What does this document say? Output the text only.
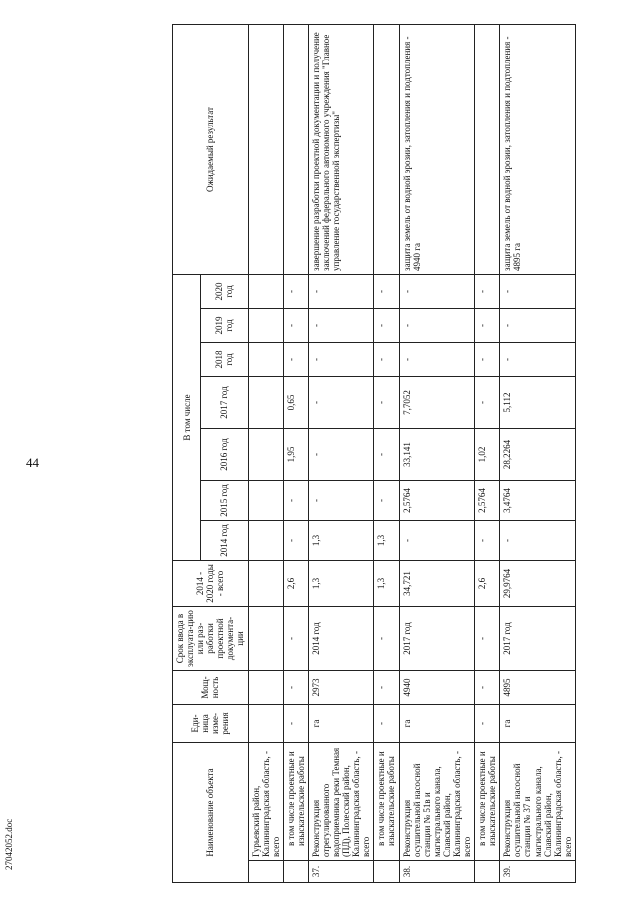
44
Наименование объекта		Еди-ница изме-рения	Мощ-ность	Срок ввода в эксплуата-цию или раз-работки проектной документа-ции	2014 - 2020 годы - всего	В том числе							Ожидаемый результат
						2014 год	2015 год	2016 год	2017 год	2018 год	2019 год	2020 год	
	Гурьевский район, Калининградская область, - всего												
	в том числе проектные и изыскательские работы	-	-	-	2,6	-	-	1,95	0,65	-	-	-	
37.	Реконструкция отрегулированного водоприемника реки Темная (ПД), Полесский район, Калининградская область, - всего	га	2973	2014 год	1,3	1,3	-	-	-	-	-	-	завершение разработки проектной документации и получение заключений федерального автономного учреждения "Главное управление государственной экспертизы"
	в том числе проектные и изыскательские работы	-	-	-	1,3	1,3	-	-	-	-	-	-	
38.	Реконструкция осушительной насосной станции № 51в и магистрального канала, Славский район, Калининградская область, - всего	га	4940	2017 год	34,721	-	2,5764	33,141	7,7052	-	-	-	защита земель от водной эрозии, затопления и подтопления - 4940 га
	в том числе проектные и изыскательские работы	-	-	-	2,6	-	2,5764	1,02	-	-	-	-	
39.	Реконструкция осушительной насосной станции № 37 и магистрального канала, Славский район, Калининградская область, - всего	га	4895	2017 год	29,9764	-	3,4764	28,2264	5,112	-	-	-	защита земель от водной эрозии, затопления и подтопления - 4895 га
27042052.doc
